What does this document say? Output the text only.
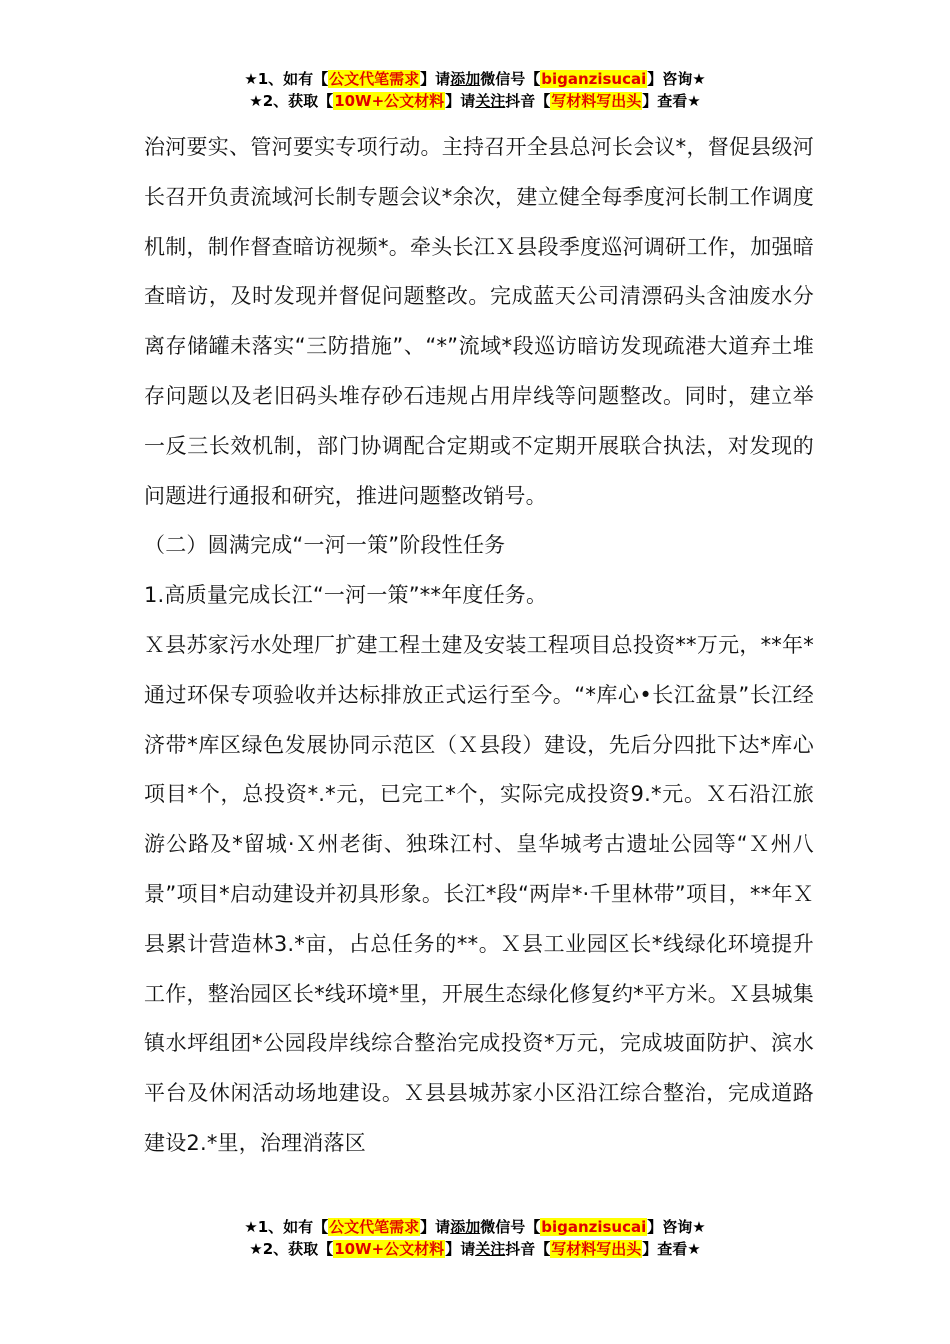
★1、如有【公文代笔需求】请添加微信号【biganzisucai】咨询★
★2、获取【10W+公文材料】请关注抖音【写材料写出头】查看★

治河要实、管河要实专项行动。主持召开全县总河长会议*，督促县级河长召开负责流域河长制专题会议*余次，建立健全每季度河长制工作调度机制，制作督查暗访视频*。牵头长江Ｘ县段季度巡河调研工作，加强暗查暗访，及时发现并督促问题整改。完成蓝天公司清漂码头含油废水分离存储罐未落实“三防措施”、“*”流域*段巡访暗访发现疏港大道弃土堆存问题以及老旧码头堆存砂石违规占用岸线等问题整改。同时，建立举一反三长效机制，部门协调配合定期或不定期开展联合执法，对发现的问题进行通报和研究，推进问题整改销号。

（二）圆满完成“一河一策”阶段性任务

1.高质量完成长江“一河一策”**年度任务。

Ｘ县苏家污水处理厂扩建工程土建及安装工程项目总投资**万元，**年*通过环保专项验收并达标排放正式运行至今。“*库心•长江盆景”长江经济带*库区绿色发展协同示范区（Ｘ县段）建设，先后分四批下达*库心项目*个，总投资*.*元，已完工*个，实际完成投资9.*元。Ｘ石沿江旅游公路及*留城·Ｘ州老街、独珠江村、皇华城考古遗址公园等“Ｘ州八景”项目*启动建设并初具形象。长江*段“两岸*·千里林带”项目，**年Ｘ县累计营造林3.*亩，占总任务的**。Ｘ县工业园区长*线绿化环境提升工作，整治园区长*线环境*里，开展生态绿化修复约*平方米。Ｘ县城集镇水坪组团*公园段岸线综合整治完成投资*万元，完成坡面防护、滨水平台及休闲活动场地建设。Ｘ县县城苏家小区沿江综合整治，完成道路建设2.*里，治理消落区

★1、如有【公文代笔需求】请添加微信号【biganzisucai】咨询★
★2、获取【10W+公文材料】请关注抖音【写材料写出头】查看★
